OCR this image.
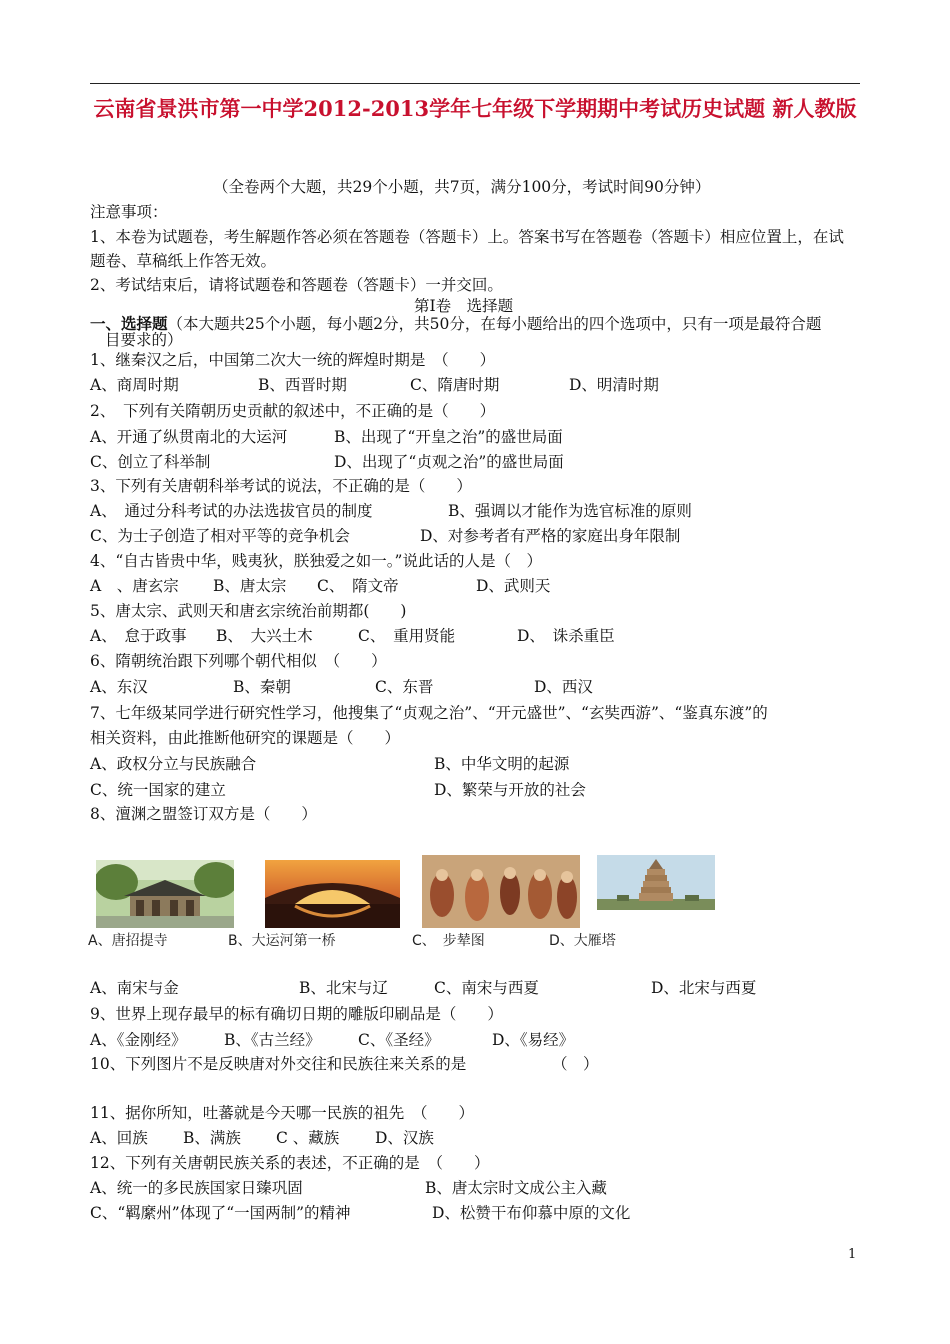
云南省景洪市第一中学2012-2013学年七年级下学期期中考试历史试题 新人教版
（全卷两个大题，共29个小题，共7页，满分100分，考试时间90分钟）
注意事项：
1、本卷为试题卷，考生解题作答必须在答题卷（答题卡）上。答案书写在答题卷（答题卡）相应位置上，在试
题卷、草稿纸上作答无效。
2、考试结束后，请将试题卷和答题卷（答题卡）一并交回。
第Ⅰ卷　选择题
一、选择题（本大题共25个小题，每小题2分，共50分，在每小题给出的四个选项中，只有一项是最符合题
目要求的）
1、继秦汉之后，中国第二次大一统的辉煌时期是　（　　）
A、商周时期	B、西晋时期	C、隋唐时期	D、明清时期
2、　下列有关隋朝历史贡献的叙述中，不正确的是（　　）
A、开通了纵贯南北的大运河	B、出现了“开皇之治”的盛世局面
C、创立了科举制	D、出现了“贞观之治”的盛世局面
3、下列有关唐朝科举考试的说法，不正确的是（　　）
A、　通过分科考试的办法选拔官员的制度	B、强调以才能作为选官标准的原则
C、为士子创造了相对平等的竞争机会	D、对参考者有严格的家庭出身年限制
4、“自古皆贵中华，贱夷狄，朕独爱之如一。”说此话的人是（　）
A　、唐玄宗 B、唐太宗 C、　隋文帝	D、武则天
5、唐太宗、武则天和唐玄宗统治前期都(　　)
A、　怠于政事 B、　大兴土木	C、　重用贤能	D、　诛杀重臣
6、隋朝统治跟下列哪个朝代相似　（　　）
A、东汉	B、秦朝	C、东晋	D、西汉
7、七年级某同学进行研究性学习，他搜集了“贞观之治”、“开元盛世”、“玄奘西游”、“鉴真东渡”的
相关资料，由此推断他研究的课题是（　　）
A、政权分立与民族融合	B、中华文明的起源
C、统一国家的建立	D、繁荣与开放的社会
8、澶渊之盟签订双方是（　　）
A、唐招提寺	B、大运河第一桥	C、　步辇图	D、大雁塔
A、南宋与金	B、北宋与辽	C、南宋与西夏	D、北宋与西夏
9、世界上现存最早的标有确切日期的雕版印刷品是（　　）
A、《金刚经》 B、《古兰经》 C、《圣经》	D、《易经》
10、下列图片不是反映唐对外交往和民族往来关系的是	（　）
11、据你所知，吐蕃就是今天哪一民族的祖先　（　　）
A、回族 B、满族 C 、藏族 D、汉族
12、下列有关唐朝民族关系的表述，不正确的是　（　　）
A、统一的多民族国家日臻巩固	B、唐太宗时文成公主入藏
C、“羁縻州”体现了“一国两制”的精神	D、松赞干布仰慕中原的文化
1
